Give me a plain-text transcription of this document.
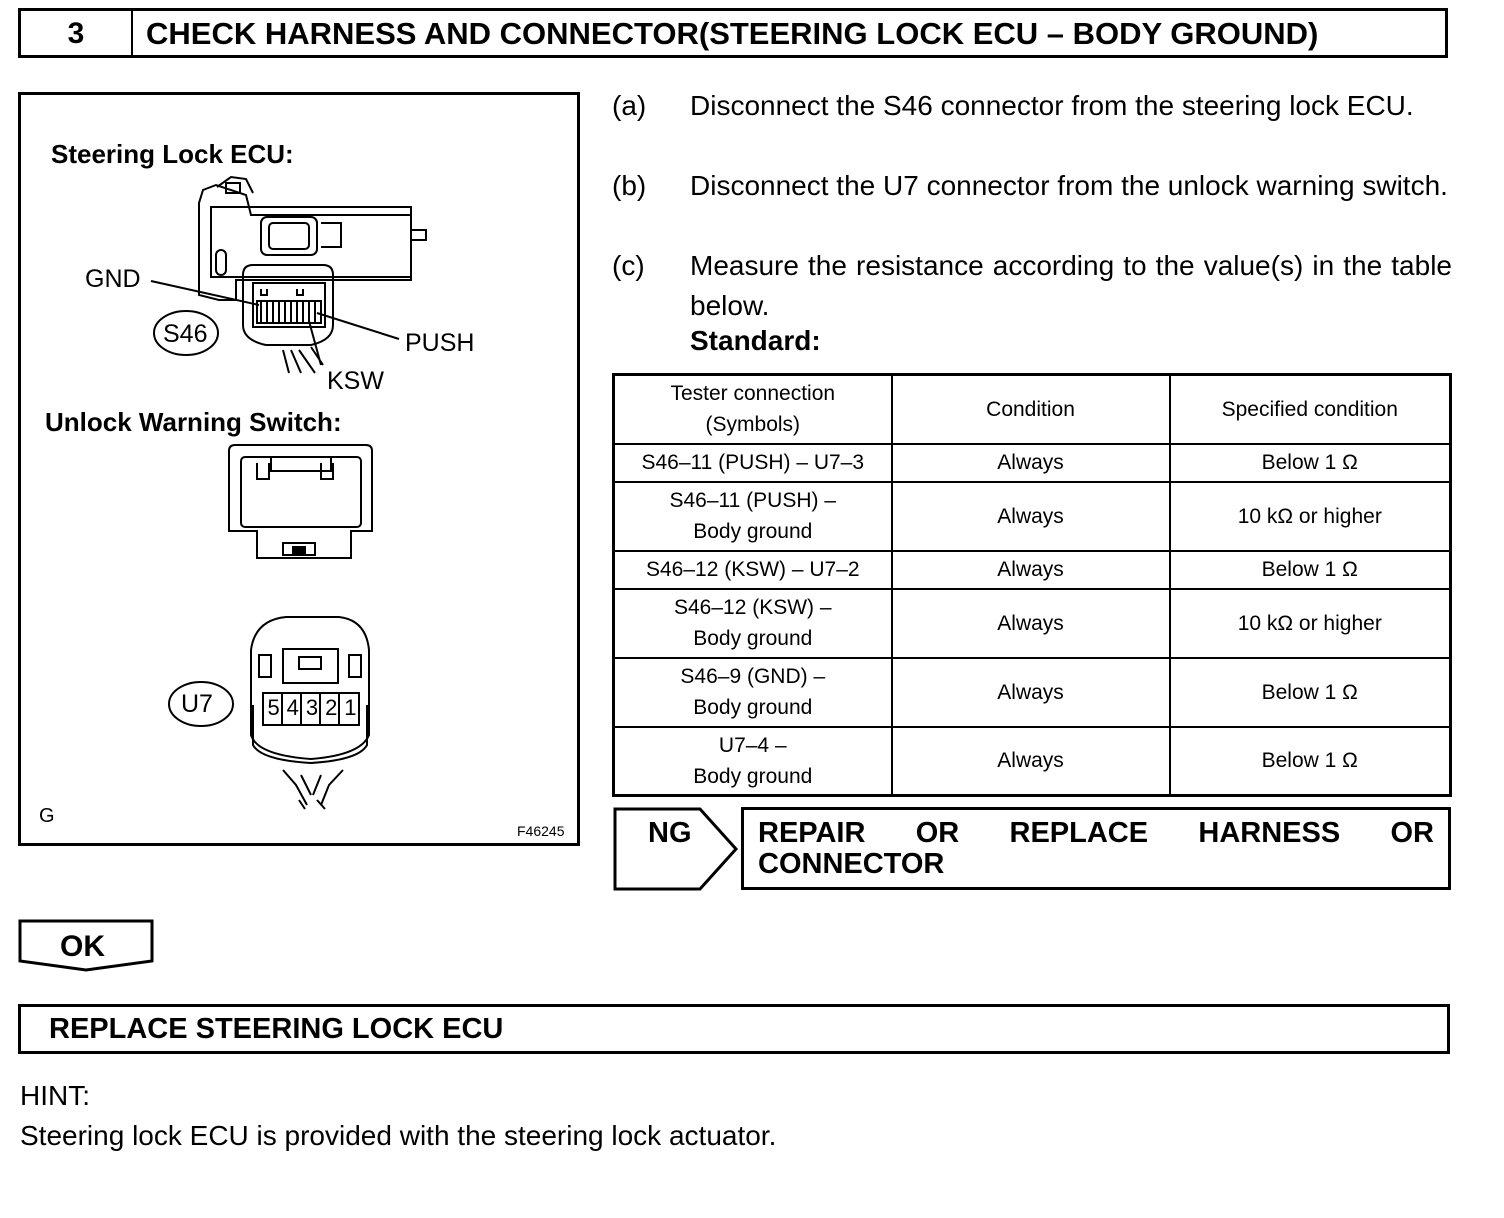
3	CHECK HARNESS AND CONNECTOR(STEERING LOCK ECU – BODY GROUND)
Steering Lock ECU:
GND
S46	PUSH
KSW
Unlock Warning Switch:
U7 5 4 3 2 1
G
F46245
(a) Disconnect the S46 connector from the steering lock ECU.
(b) Disconnect the U7 connector from the unlock warning switch.
(c) Measure the resistance according to the value(s) in the table below.
Standard:
Tester connection
(Symbols)	Condition	Specified condition
S46–11 (PUSH) – U7–3	Always	Below 1 Ω

S46–11 (PUSH) –
Body ground	Always	10 kΩ or higher
S46–12 (KSW) – U7–2	Always	Below 1 Ω

S46–12 (KSW) –
Body ground	Always	10 kΩ or higher

S46–9 (GND) –
Body ground	Always	Below 1 Ω

U7–4 –
Body ground	Always	Below 1 Ω
NG REPAIR OR REPLACE HARNESS OR
CONNECTOR
OK
REPLACE STEERING LOCK ECU
HINT:
Steering lock ECU is provided with the steering lock actuator.
